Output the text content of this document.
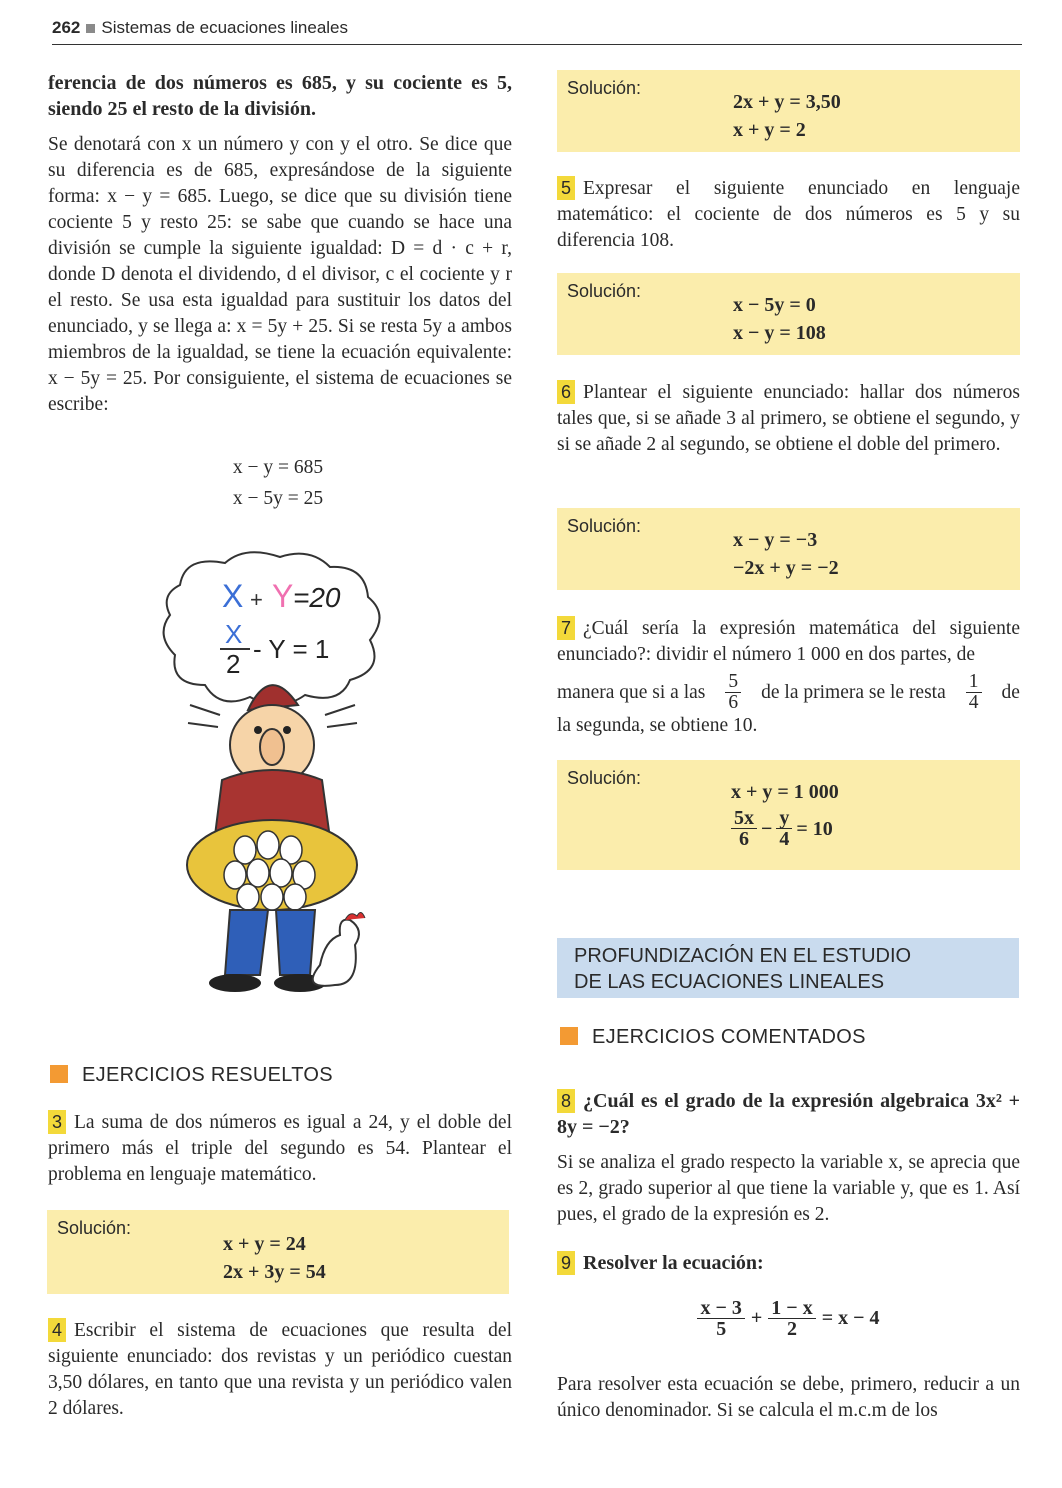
262 Sistemas de ecuaciones lineales

ferencia de dos números es 685, y su cociente es 5, siendo 25 el resto de la división.

Se denotará con x un número y con y el otro. Se dice que su diferencia es de 685, expresándose de la siguiente forma: x − y = 685. Luego, se dice que su división tiene cociente 5 y resto 25: se sabe que cuando se hace una división se cumple la siguiente igualdad: D = d · c + r, donde D denota el dividendo, d el divisor, c el cociente y r el resto. Se usa esta igualdad para sustituir los datos del enunciado, y se llega a: x = 5y + 25. Si se resta 5y a ambos miembros de la igualdad, se tiene la ecuación equivalente: x − 5y = 25. Por consiguiente, el sistema de ecuaciones se escribe:

x − y = 685
x − 5y = 25
X + Y =20
X
2 - Y = 1
EJERCICIOS RESUELTOS

3 La suma de dos números es igual a 24, y el doble del primero más el triple del segundo es 54. Plantear el problema en lenguaje matemático.

Solución:
x + y = 24
2x + 3y = 54

4 Escribir el sistema de ecuaciones que resulta del siguiente enunciado: dos revistas y un periódico cuestan 3,50 dólares, en tanto que una revista y un periódico valen 2 dólares.

Solución:
2x + y = 3,50
x + y = 2

5 Expresar el siguiente enunciado en lenguaje matemático: el cociente de dos números es 5 y su diferencia 108.

Solución:
x − 5y = 0
x − y = 108

6 Plantear el siguiente enunciado: hallar dos números tales que, si se añade 3 al primero, se obtiene el segundo, y si se añade 2 al segundo, se obtiene el doble del primero.

Solución:
x − y = −3
−2x + y = −2

7 ¿Cuál sería la expresión matemática del siguiente enunciado?: dividir el número 1 000 en dos partes, de

manera que si a las $\frac{5}{6}$ de la primera se le resta $\frac{1}{4}$ de

la segunda, se obtiene 10.

Solución:
x + y = 1 000
$\frac{5x}{6} - \frac{y}{4} = 10$
PROFUNDIZACIÓN EN EL ESTUDIO
DE LAS ECUACIONES LINEALES
EJERCICIOS COMENTADOS

8 ¿Cuál es el grado de la expresión algebraica 3x² + 8y = −2?

Si se analiza el grado respecto la variable x, se aprecia que es 2, grado superior al que tiene la variable y, que es 1. Así pues, el grado de la expresión es 2.

9 Resolver la ecuación:

$\frac{x - 3}{5} + \frac{1 - x}{2} = x - 4$

Para resolver esta ecuación se debe, primero, reducir a un único denominador. Si se calcula el m.c.m de los
